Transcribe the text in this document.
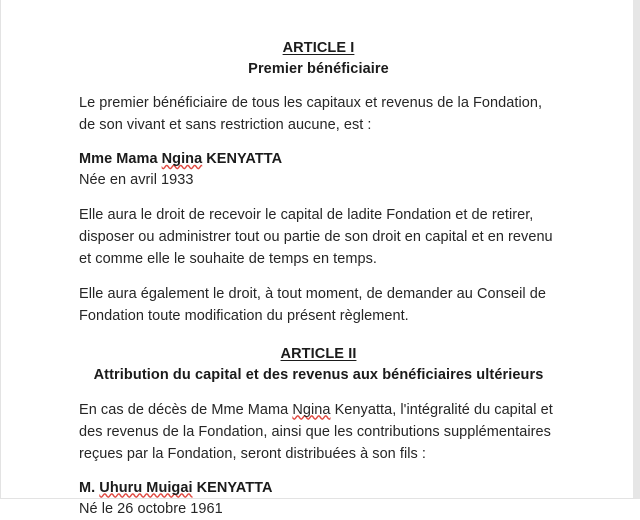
ARTICLE I
Premier bénéficiaire

Le premier bénéficiaire de tous les capitaux et revenus de la Fondation, de son vivant et sans restriction aucune, est :

Mme Mama Ngina KENYATTA
Née en avril 1933

Elle aura le droit de recevoir le capital de ladite Fondation et de retirer, disposer ou administrer tout ou partie de son droit en capital et en revenu et comme elle le souhaite de temps en temps.

Elle aura également le droit, à tout moment, de demander au Conseil de Fondation toute modification du présent règlement.

ARTICLE II
Attribution du capital et des revenus aux bénéficiaires ultérieurs

En cas de décès de Mme Mama Ngina Kenyatta, l'intégralité du capital et des revenus de la Fondation, ainsi que les contributions supplémentaires reçues par la Fondation, seront distribuées à son fils :

M. Uhuru Muigai KENYATTA
Né le 26 octobre 1961
